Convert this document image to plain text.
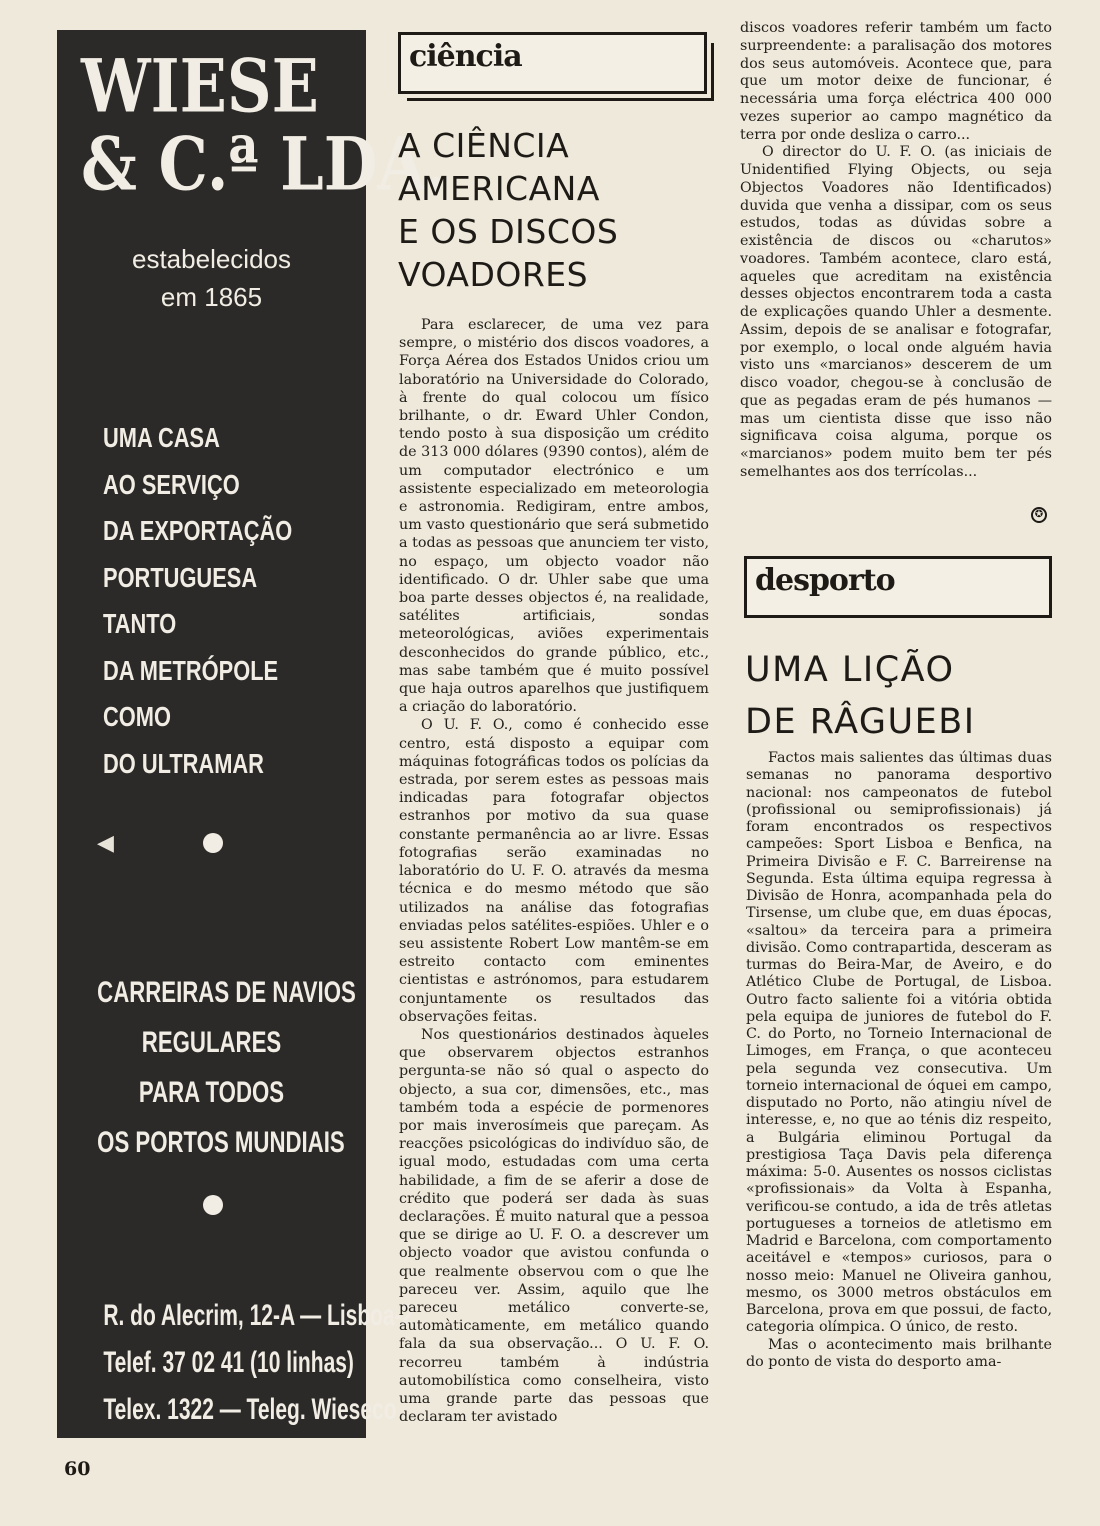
WIESE
& C.ª LDA.
estabelecidos
em 1865
UMA CASA
AO SERVIÇO
DA EXPORTAÇÃO
PORTUGUESA
TANTO
DA METRÓPOLE
COMO
DO ULTRAMAR
◀
CARREIRAS DE NAVIOS
REGULARES
PARA TODOS
OS PORTOS MUNDIAIS
R. do Alecrim, 12-A — Lisboa-2
Telef. 37 02 41 (10 linhas)
Telex. 1322 — Teleg. Wieseco
ciência
A CIÊNCIA
AMERICANA
E OS DISCOS
VOADORES

Para esclarecer, de uma vez para sempre, o mistério dos discos voadores, a Força Aérea dos Estados Unidos criou um laboratório na Universidade do Colorado, à frente do qual colocou um físico brilhante, o dr. Eward Uhler Condon, tendo posto à sua disposição um crédito de 313 000 dólares (9390 contos), além de um computador electrónico e um assistente especializado em meteorologia e astronomia. Redigiram, entre ambos, um vasto questionário que será submetido a todas as pessoas que anunciem ter visto, no espaço, um objecto voador não identificado. O dr. Uhler sabe que uma boa parte desses objectos é, na realidade, satélites artificiais, sondas meteorológicas, aviões experimentais desconhecidos do grande público, etc., mas sabe também que é muito possível que haja outros aparelhos que justifiquem a criação do laboratório.

O U. F. O., como é conhecido esse centro, está disposto a equipar com máquinas fotográficas todos os polícias da estrada, por serem estes as pessoas mais indicadas para fotografar objectos estranhos por motivo da sua quase constante permanência ao ar livre. Essas fotografias serão examinadas no laboratório do U. F. O. através da mesma técnica e do mesmo método que são utilizados na análise das fotografias enviadas pelos satélites-espiões. Uhler e o seu assistente Robert Low mantêm-se em estreito contacto com eminentes cientistas e astrónomos, para estudarem conjuntamente os resultados das observações feitas.

Nos questionários destinados àqueles que observarem objectos estranhos pergunta-se não só qual o aspecto do objecto, a sua cor, dimensões, etc., mas também toda a espécie de pormenores por mais inverosímeis que pareçam. As reacções psicológicas do indivíduo são, de igual modo, estudadas com uma certa habilidade, a fim de se aferir a dose de crédito que poderá ser dada às suas declarações. É muito natural que a pessoa que se dirige ao U. F. O. a descrever um objecto voador que avistou confunda o que realmente observou com o que lhe pareceu ver. Assim, aquilo que lhe pareceu metálico converte-se, automàticamente, em metálico quando fala da sua observação... O U. F. O. recorreu também à indústria automobilística como conselheira, visto uma grande parte das pessoas que declaram ter avistado

discos voadores referir também um facto surpreendente: a paralisação dos motores dos seus automóveis. Acontece que, para que um motor deixe de funcionar, é necessária uma força eléctrica 400 000 vezes superior ao campo magnético da terra por onde desliza o carro...

O director do U. F. O. (as iniciais de Unidentified Flying Objects, ou seja Objectos Voadores não Identificados) duvida que venha a dissipar, com os seus estudos, todas as dúvidas sobre a existência de discos ou «charutos» voadores. Também acontece, claro está, aqueles que acreditam na existência desses objectos encontrarem toda a casta de explicações quando Uhler a desmente. Assim, depois de se analisar e fotografar, por exemplo, o local onde alguém havia visto uns «marcianos» descerem de um disco voador, chegou-se à conclusão de que as pegadas eram de pés humanos — mas um cientista disse que isso não significava coisa alguma, porque os «marcianos» podem muito bem ter pés semelhantes aos dos terrícolas...

✪
desporto
UMA LIÇÃO
DE RÂGUEBI

Factos mais salientes das últimas duas semanas no panorama desportivo nacional: nos campeonatos de futebol (profissional ou semiprofissionais) já foram encontrados os respectivos campeões: Sport Lisboa e Benfica, na Primeira Divisão e F. C. Barreirense na Segunda. Esta última equipa regressa à Divisão de Honra, acompanhada pela do Tirsense, um clube que, em duas épocas, «saltou» da terceira para a primeira divisão. Como contrapartida, desceram as turmas do Beira-Mar, de Aveiro, e do Atlético Clube de Portugal, de Lisboa. Outro facto saliente foi a vitória obtida pela equipa de juniores de futebol do F. C. do Porto, no Torneio Internacional de Limoges, em França, o que aconteceu pela segunda vez consecutiva. Um torneio internacional de óquei em campo, disputado no Porto, não atingiu nível de interesse, e, no que ao ténis diz respeito, a Bulgária eliminou Portugal da prestigiosa Taça Davis pela diferença máxima: 5-0. Ausentes os nossos ciclistas «profissionais» da Volta à Espanha, verificou-se contudo, a ida de três atletas portugueses a torneios de atletismo em Madrid e Barcelona, com comportamento aceitável e «tempos» curiosos, para o nosso meio: Manuel ne Oliveira ganhou, mesmo, os 3000 metros obstáculos em Barcelona, prova em que possui, de facto, categoria olímpica. O único, de resto.

Mas o acontecimento mais brilhante do ponto de vista do desporto ama-

60
